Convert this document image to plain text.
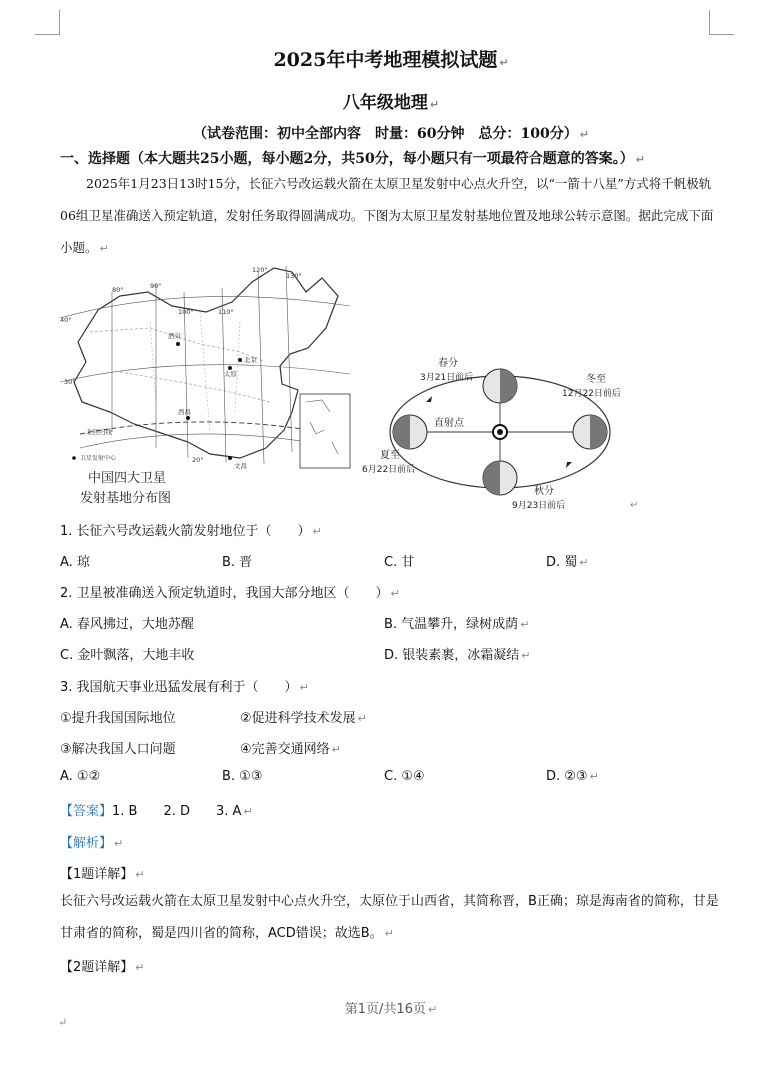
2025年中考地理模拟试题 ↵
八年级地理 ↵
（试卷范围：初中全部内容　时量：60分钟　总分：100分） ↵
一、选择题（本大题共25小题，每小题2分，共50分，每小题只有一项最符合题意的答案。） ↵
2025年1月23日13时15分，长征六号改运载火箭在太原卫星发射中心点火升空，以“一箭十八星”方式将千帆极轨06组卫星准确送入预定轨道，发射任务取得圆满成功。下图为太原卫星发射基地位置及地球公转示意图。据此完成下面小题。 ↵
80°	90°
100°	110°
120°
130°
40°
30°
20°
北回归线
酒泉
北京
太原
西昌
文昌
卫星发射中心
中国四大卫星
发射基地分布图
直射点
春分
3月21日前后	冬至
12月22日前后
夏至
6月22日前后
秋分
9月23日前后	↵
1. 长征六号改运载火箭发射地位于（　　） ↵
A. 琼	B. 晋	C. 甘	D. 蜀 ↵
2. 卫星被准确送入预定轨道时，我国大部分地区（　　） ↵
A. 春风拂过，大地苏醒	B. 气温攀升，绿树成荫 ↵
C. 金叶飘落，大地丰收	D. 银装素裹，冰霜凝结 ↵
3. 我国航天事业迅猛发展有利于（　　） ↵
①提升我国国际地位	②促进科学技术发展 ↵
③解决我国人口问题	④完善交通网络 ↵
A. ①②	B. ①③	C. ①④	D. ②③ ↵
【答案】1. B　　2. D　　3. A ↵
【解析】 ↵
【1题详解】 ↵
长征六号改运载火箭在太原卫星发射中心点火升空，太原位于山西省，其简称晋，B正确；琼是海南省的简称，甘是甘肃省的简称，蜀是四川省的简称，ACD错误；故选B。 ↵
【2题详解】 ↵
第1页/共16页 ↵
↵
